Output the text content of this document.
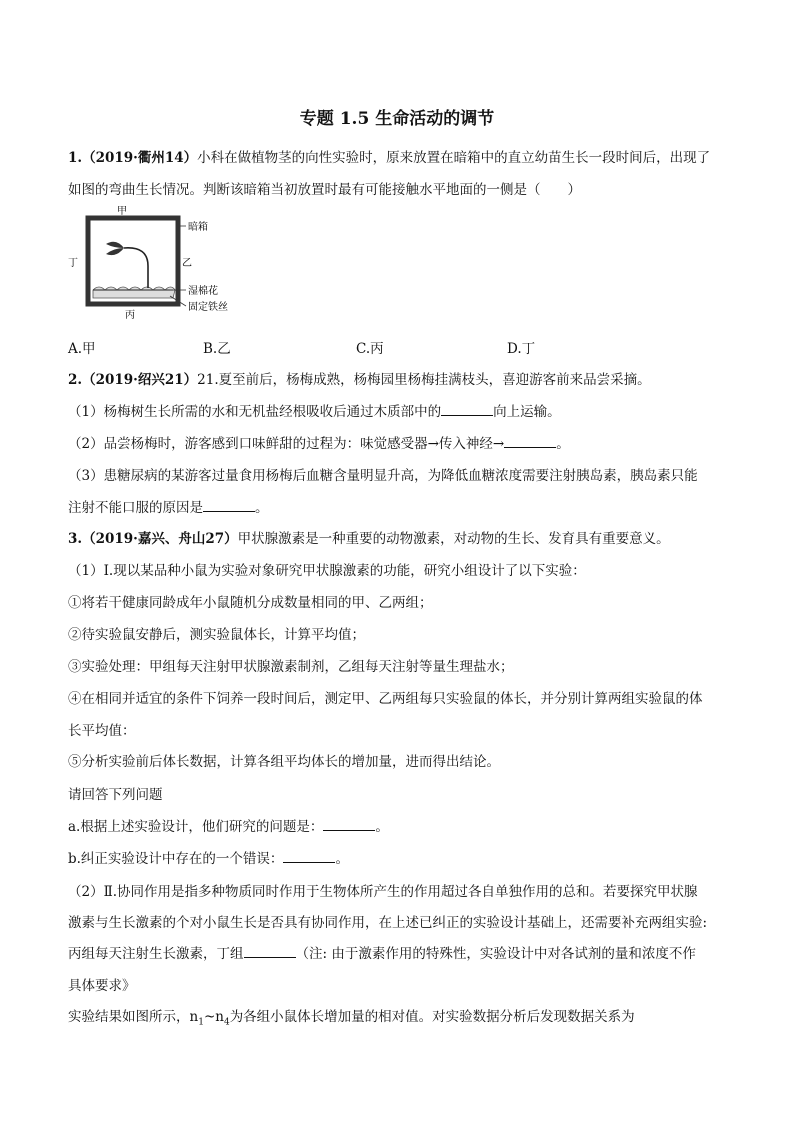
专题 1.5 生命活动的调节
1.（2019·衢州14）小科在做植物茎的向性实验时，原来放置在暗箱中的直立幼苗生长一段时间后，出现了
如图的弯曲生长情况。判断该暗箱当初放置时最有可能接触水平地面的一侧是（　　）
甲
乙
丙
丁
暗箱
湿棉花
固定铁丝
A.甲	B.乙	C.丙	D.丁
2.（2019·绍兴21）21.夏至前后，杨梅成熟，杨梅园里杨梅挂满枝头，喜迎游客前来品尝采摘。
（1）杨梅树生长所需的水和无机盐经根吸收后通过木质部中的	向上运输。
（2）品尝杨梅时，游客感到口味鲜甜的过程为：味觉感受器→传入神经→	。
（3）患糖尿病的某游客过量食用杨梅后血糖含量明显升高，为降低血糖浓度需要注射胰岛素，胰岛素只能
注射不能口服的原因是	。
3.（2019·嘉兴、舟山27）甲状腺激素是一种重要的动物激素，对动物的生长、发育具有重要意义。
（1）Ⅰ.现以某品种小鼠为实验对象研究甲状腺激素的功能，研究小组设计了以下实验：
①将若干健康同龄成年小鼠随机分成数量相同的甲、乙两组；
②待实验鼠安静后，测实验鼠体长，计算平均值；
③实验处理：甲组每天注射甲状腺激素制剂，乙组每天注射等量生理盐水；
④在相同并适宜的条件下饲养一段时间后，测定甲、乙两组每只实验鼠的体长，并分别计算两组实验鼠的体
长平均值：
⑤分析实验前后体长数据，计算各组平均体长的增加量，进而得出结论。
请回答下列问题
a.根据上述实验设计，他们研究的问题是：	。
b.纠正实验设计中存在的一个错误：	。
（2）Ⅱ.协同作用是指多种物质同时作用于生物体所产生的作用超过各自单独作用的总和。若要探究甲状腺
激素与生长激素的个对小鼠生长是否具有协同作用，在上述已纠正的实验设计基础上，还需要补充两组实验:
丙组每天注射生长激素，丁组	（注: 由于激素作用的特殊性，实验设计中对各试剂的量和浓度不作
具体要求》
实验结果如图所示，$n_1\sim n_4$为各组小鼠体长增加量的相对值。对实验数据分析后发现数据关系为
